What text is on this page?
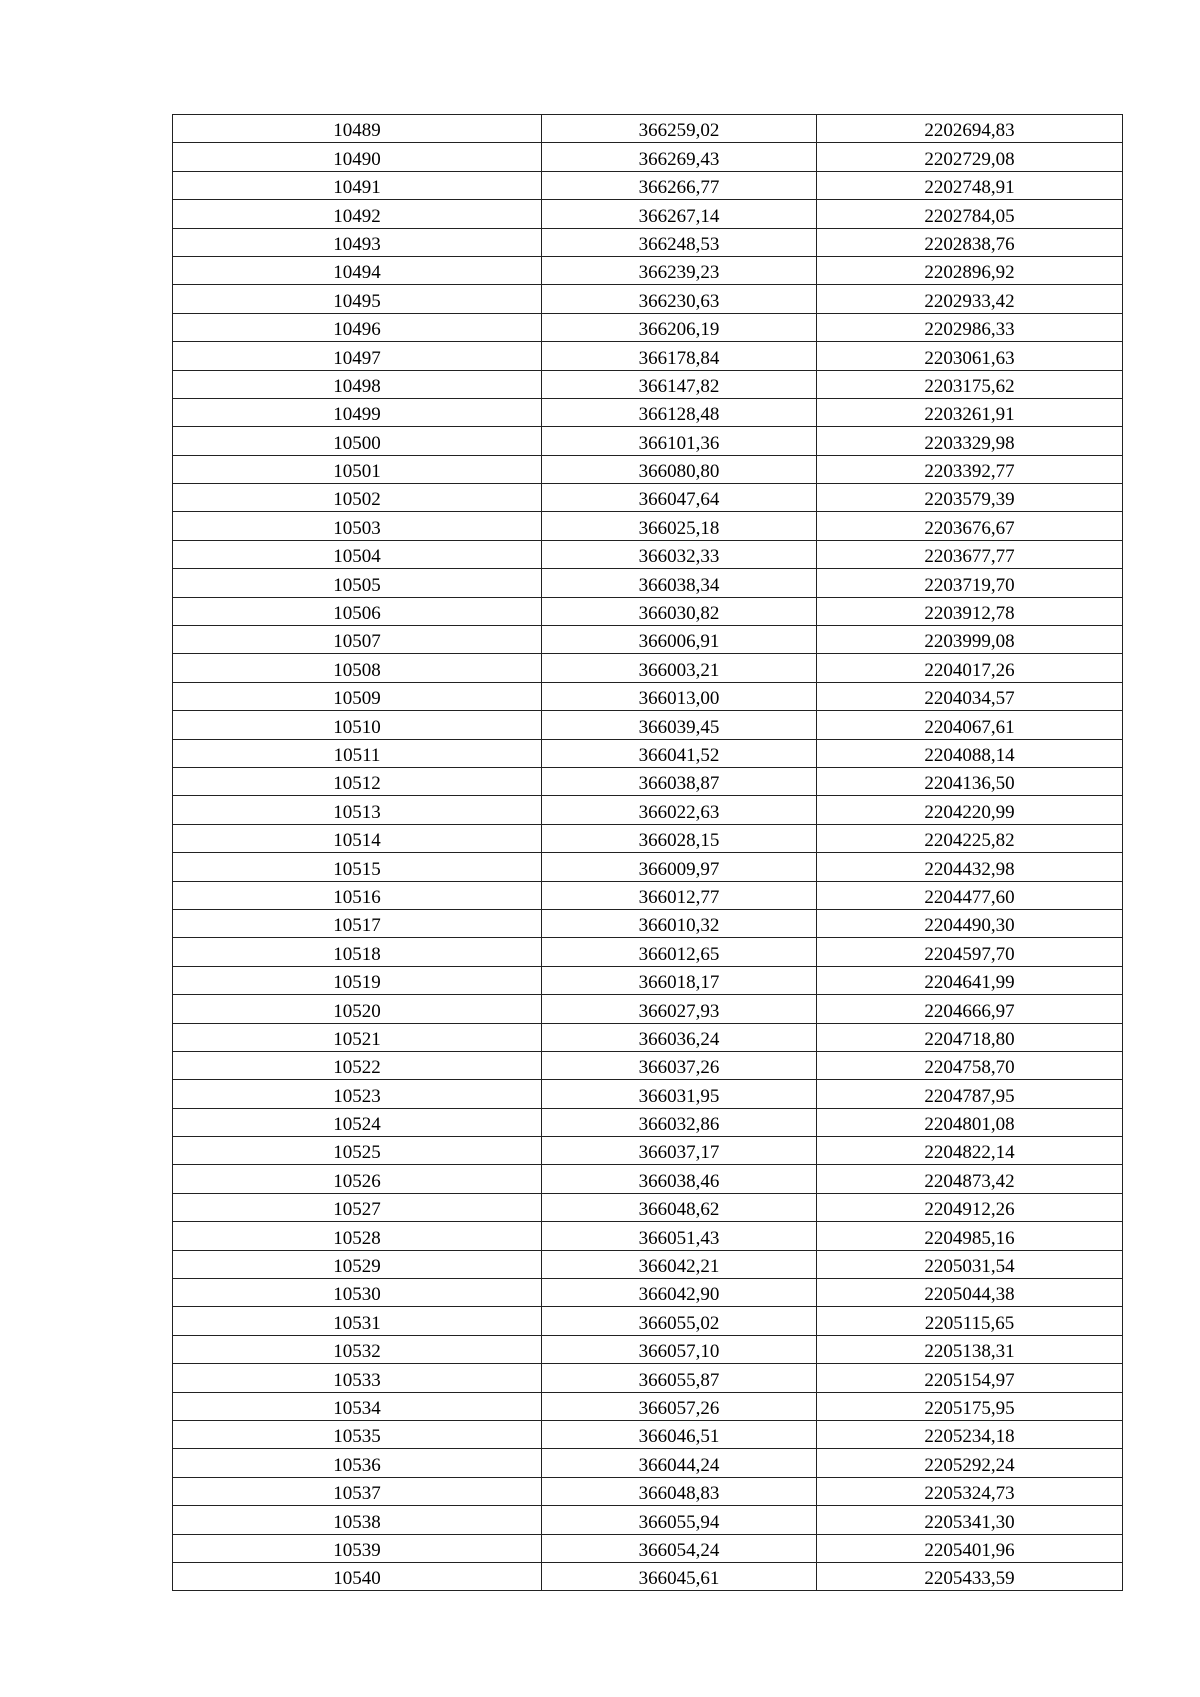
10489	366259,02	2202694,83
10490	366269,43	2202729,08
10491	366266,77	2202748,91
10492	366267,14	2202784,05
10493	366248,53	2202838,76
10494	366239,23	2202896,92
10495	366230,63	2202933,42
10496	366206,19	2202986,33
10497	366178,84	2203061,63
10498	366147,82	2203175,62
10499	366128,48	2203261,91
10500	366101,36	2203329,98
10501	366080,80	2203392,77
10502	366047,64	2203579,39
10503	366025,18	2203676,67
10504	366032,33	2203677,77
10505	366038,34	2203719,70
10506	366030,82	2203912,78
10507	366006,91	2203999,08
10508	366003,21	2204017,26
10509	366013,00	2204034,57
10510	366039,45	2204067,61
10511	366041,52	2204088,14
10512	366038,87	2204136,50
10513	366022,63	2204220,99
10514	366028,15	2204225,82
10515	366009,97	2204432,98
10516	366012,77	2204477,60
10517	366010,32	2204490,30
10518	366012,65	2204597,70
10519	366018,17	2204641,99
10520	366027,93	2204666,97
10521	366036,24	2204718,80
10522	366037,26	2204758,70
10523	366031,95	2204787,95
10524	366032,86	2204801,08
10525	366037,17	2204822,14
10526	366038,46	2204873,42
10527	366048,62	2204912,26
10528	366051,43	2204985,16
10529	366042,21	2205031,54
10530	366042,90	2205044,38
10531	366055,02	2205115,65
10532	366057,10	2205138,31
10533	366055,87	2205154,97
10534	366057,26	2205175,95
10535	366046,51	2205234,18
10536	366044,24	2205292,24
10537	366048,83	2205324,73
10538	366055,94	2205341,30
10539	366054,24	2205401,96
10540	366045,61	2205433,59
